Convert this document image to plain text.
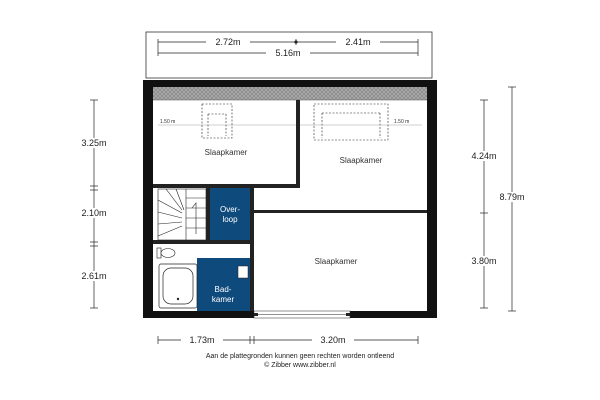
2.72m	2.41m
5.16m
1.50 m	1.50 m
Slaapkamer
Slaapkamer
Slaapkamer
Over-
loop
Bad-
kamer
3.25m
2.10m
2.61m
4.24m
3.80m
8.79m
1.73m	3.20m
Aan de plattegronden kunnen geen rechten worden ontleend
© Zibber www.zibber.nl
